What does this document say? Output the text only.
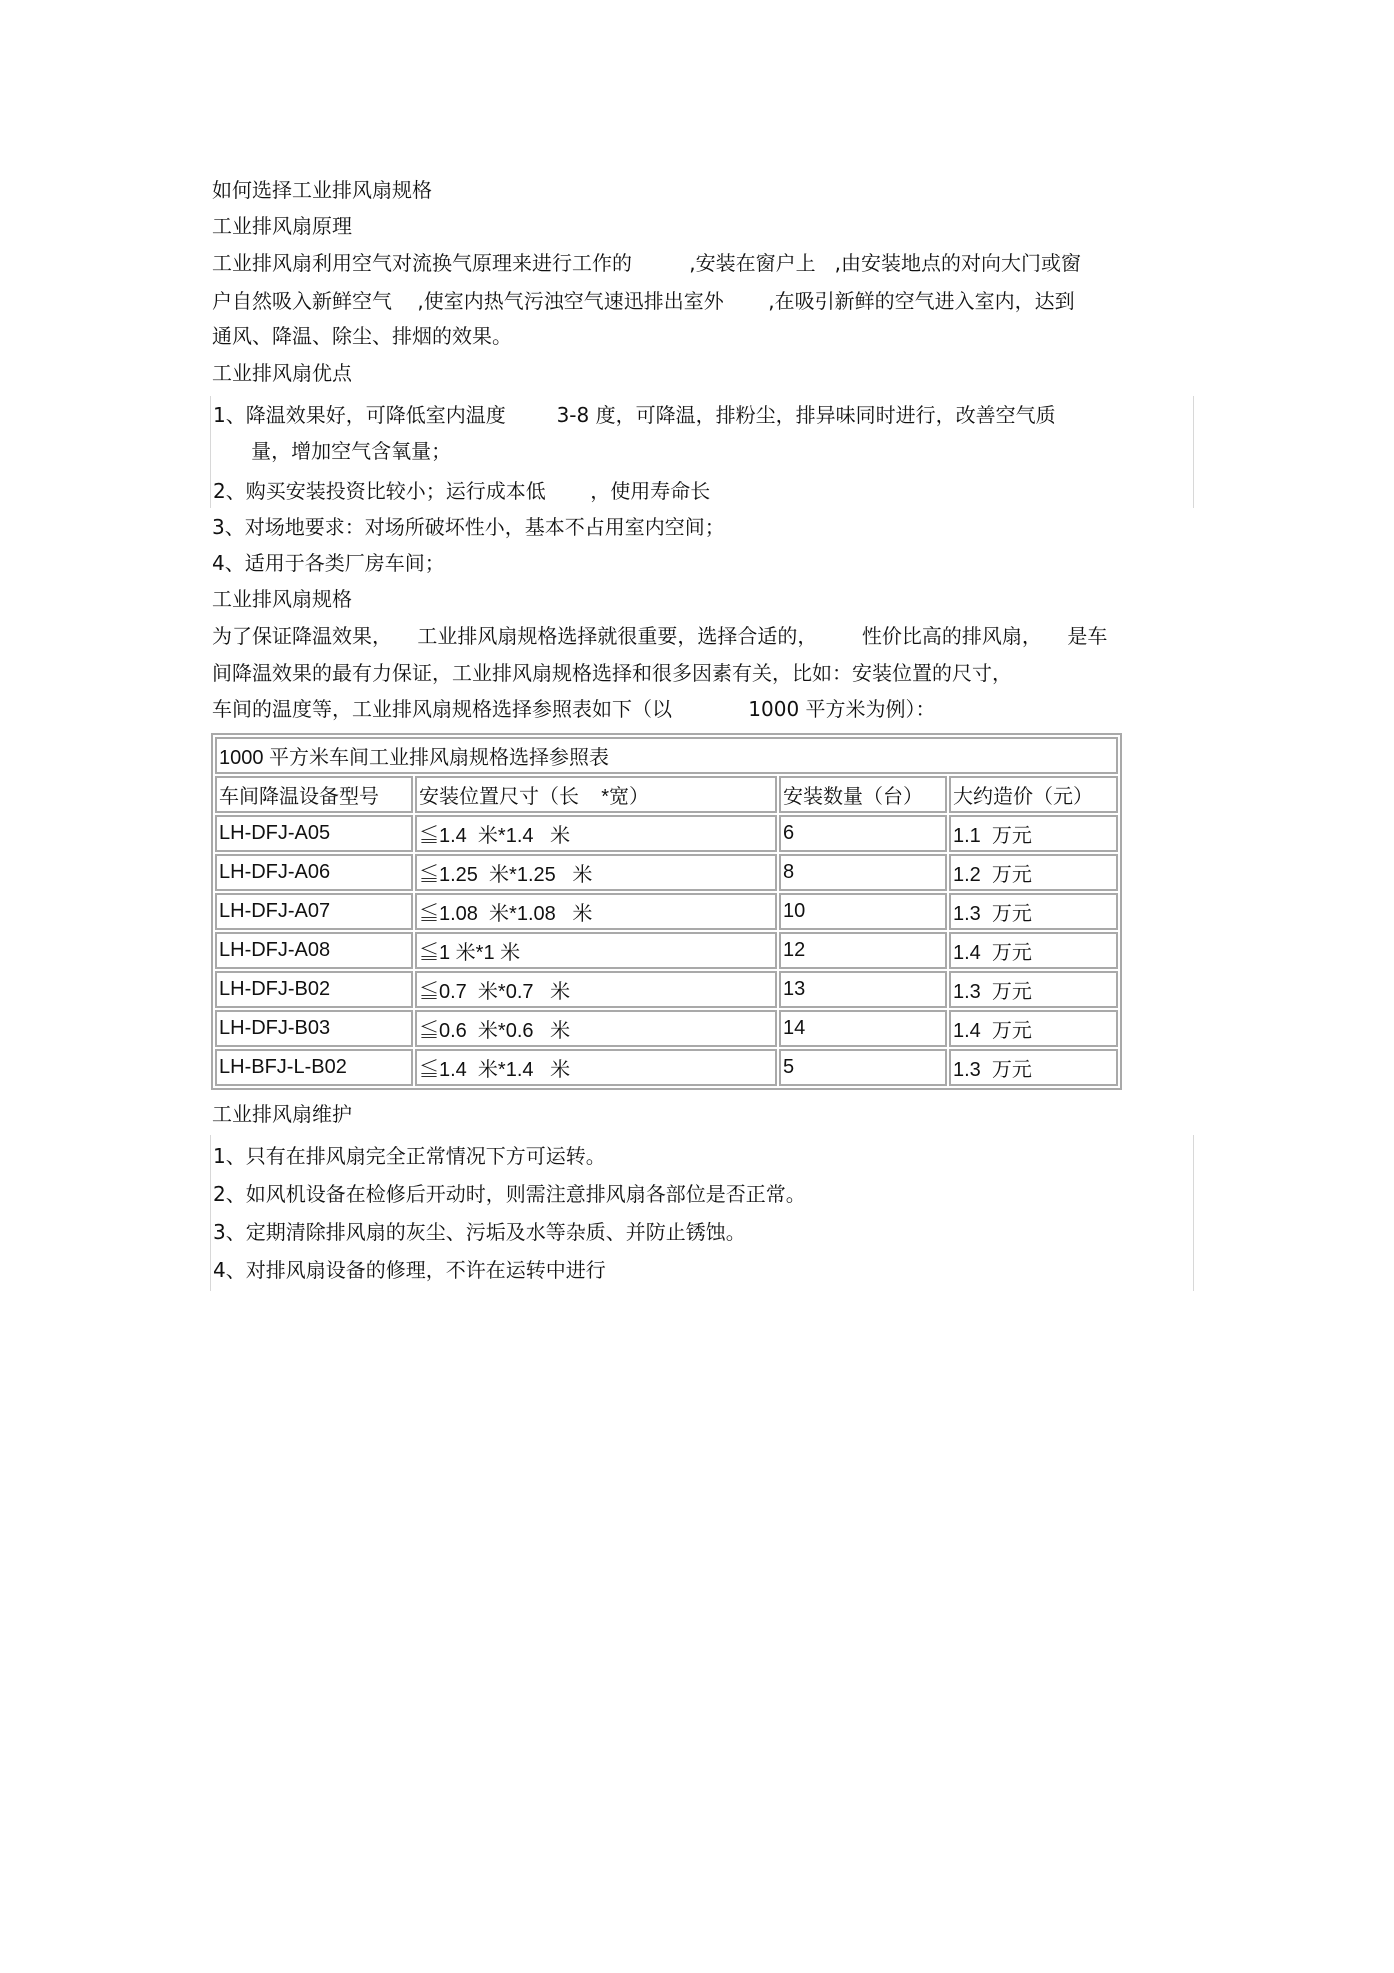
如何选择工业排风扇规格
工业排风扇原理
工业排风扇利用空气对流换气原理来进行工作的         ,安装在窗户上   ,由安装地点的对向大门或窗
户自然吸入新鲜空气    ,使室内热气污浊空气速迅排出室外       ,在吸引新鲜的空气进入室内，达到
通风、降温、除尘、排烟的效果。
工业排风扇优点
1、降温效果好，可降低室内温度        3-8 度，可降温，排粉尘，排异味同时进行，改善空气质
量，增加空气含氧量；
2、购买安装投资比较小；运行成本低       ，使用寿命长
3、对场地要求：对场所破坏性小，基本不占用室内空间；
4、适用于各类厂房车间；
工业排风扇规格
为了保证降温效果，    工业排风扇规格选择就很重要，选择合适的，       性价比高的排风扇，    是车
间降温效果的最有力保证，工业排风扇规格选择和很多因素有关，比如：安装位置的尺寸，
车间的温度等，工业排风扇规格选择参照表如下（以            1000 平方米为例）：
1000 平方米车间工业排风扇规格选择参照表			
车间降温设备型号	安装位置尺寸（长    *宽）	安装数量（台）	大约造价（元）
LH-DFJ-A05	≦1.4  米*1.4   米	6	1.1  万元
LH-DFJ-A06	≦1.25  米*1.25   米	8	1.2  万元
LH-DFJ-A07	≦1.08  米*1.08   米	10	1.3  万元
LH-DFJ-A08	≦1 米*1 米	12	1.4  万元
LH-DFJ-B02	≦0.7  米*0.7   米	13	1.3  万元
LH-DFJ-B03	≦0.6  米*0.6   米	14	1.4  万元
LH-BFJ-L-B02	≦1.4  米*1.4   米	5	1.3  万元
工业排风扇维护
1、只有在排风扇完全正常情况下方可运转。
2、如风机设备在检修后开动时，则需注意排风扇各部位是否正常。
3、定期清除排风扇的灰尘、污垢及水等杂质、并防止锈蚀。
4、对排风扇设备的修理，不许在运转中进行
